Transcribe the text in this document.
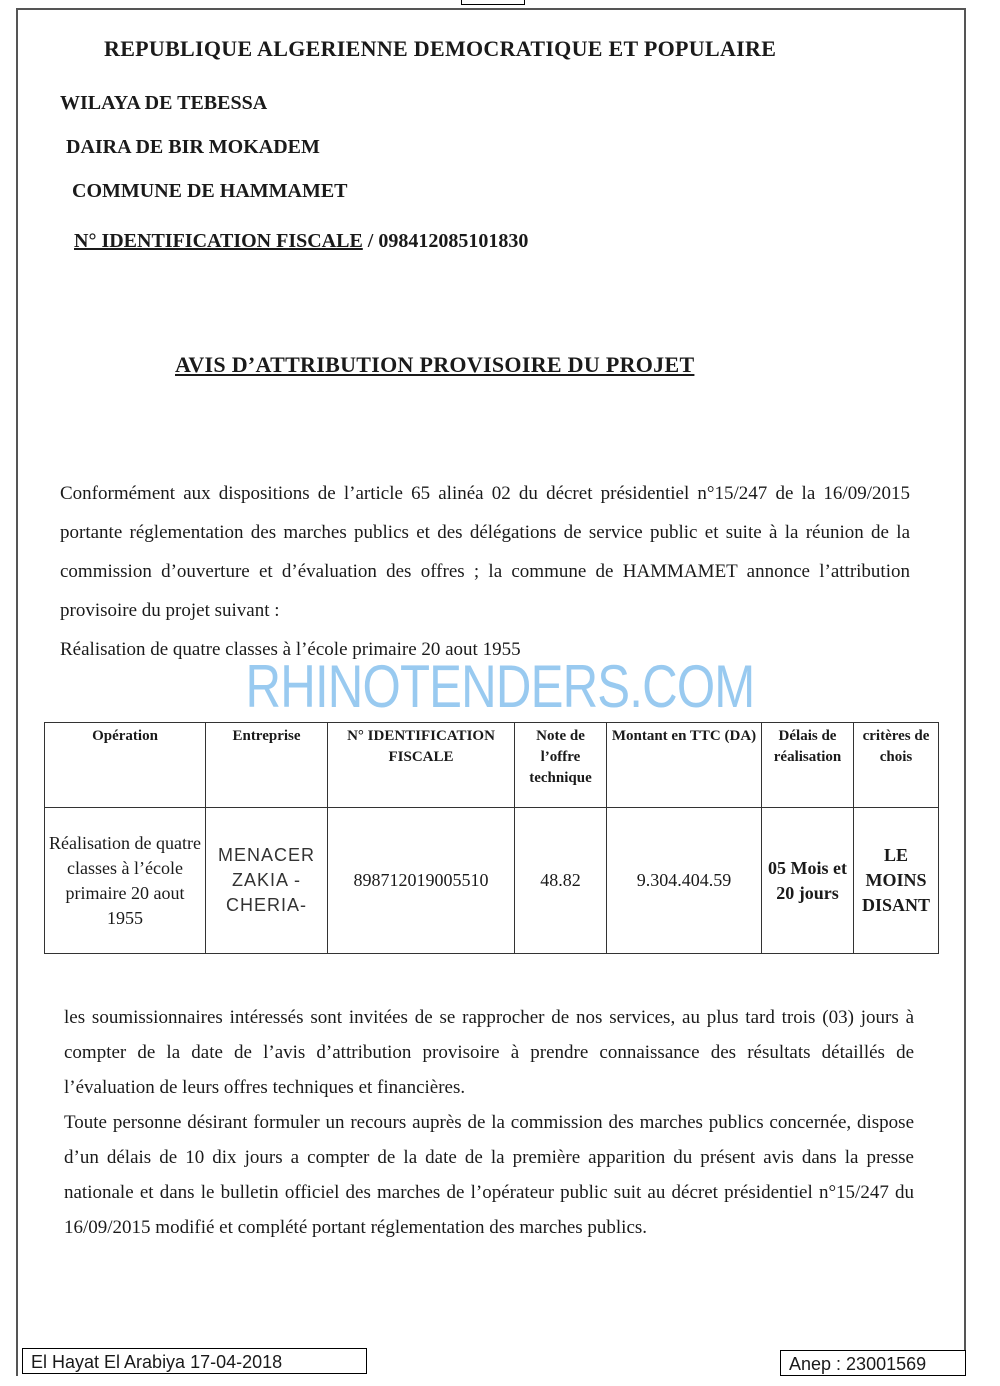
REPUBLIQUE ALGERIENNE DEMOCRATIQUE ET POPULAIRE
WILAYA DE TEBESSA
DAIRA DE BIR MOKADEM
COMMUNE DE HAMMAMET
N° IDENTIFICATION FISCALE / 098412085101830
AVIS D’ATTRIBUTION PROVISOIRE DU PROJET

Conformément aux dispositions de l’article 65 alinéa 02 du décret présidentiel n°15/247 de la 16/09/2015 portante réglementation des marches publics et des délégations de service public et suite à la réunion de la commission d’ouverture et d’évaluation des offres ; la commune de HAMMAMET annonce l’attribution provisoire du projet suivant :

Réalisation de quatre classes à l’école primaire 20 aout 1955

RHINOTENDERS.COM
Opération	Entreprise	N° IDENTIFICATION FISCALE	Note de l’offre technique	Montant en TTC (DA)	Délais de réalisation	critères de chois
Réalisation de quatre classes à l’école primaire 20 aout 1955	MENACER ZAKIA -CHERIA-	898712019005510	48.82	9.304.404.59	05 Mois et 20 jours	LE MOINS DISANT

les soumissionnaires intéressés sont invitées de se rapprocher de nos services, au plus tard trois (03) jours à compter de la date de l’avis d’attribution provisoire à prendre connaissance des résultats détaillés de l’évaluation de leurs offres techniques et financières.

Toute personne désirant formuler un recours auprès de la commission des marches publics concernée, dispose d’un délais de 10 dix jours a compter de la date de la première apparition du présent avis dans la presse nationale et dans le bulletin officiel des marches de l’opérateur public suit au décret présidentiel n°15/247 du 16/09/2015 modifié et complété portant réglementation des marches publics.

El Hayat El Arabiya 17-04-2018	Anep : 23001569
